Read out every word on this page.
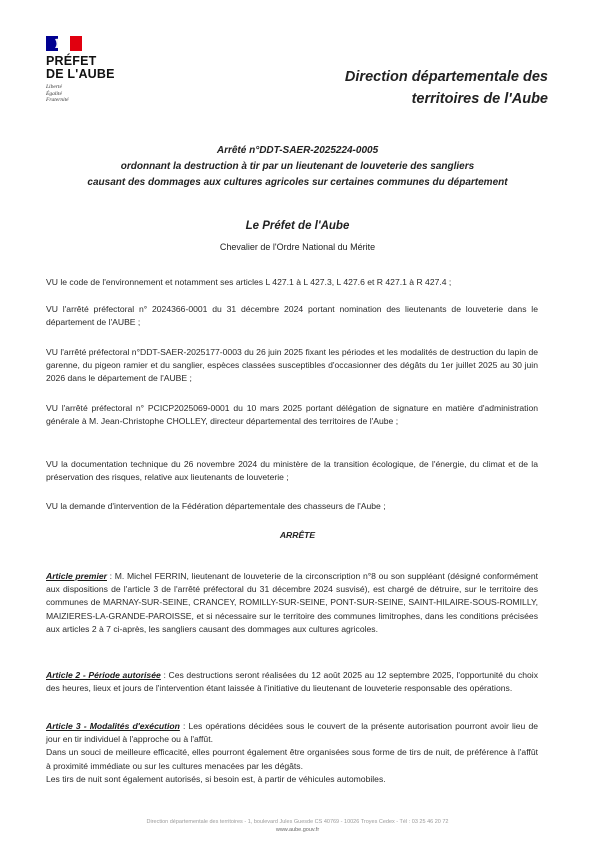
PRÉFET
DE L'AUBE
Liberté
Égalité
Fraternité
Direction départementale des
territoires de l'Aube
Arrêté n°DDT-SAER-2025224-0005
ordonnant la destruction à tir par un lieutenant de louveterie des sangliers
causant des dommages aux cultures agricoles sur certaines communes du département
Le Préfet de l'Aube
Chevalier de l'Ordre National du Mérite
VU le code de l'environnement et notamment ses articles L 427.1 à L 427.3, L 427.6 et R 427.1 à R 427.4 ;
VU l'arrêté préfectoral n° 2024366-0001 du 31 décembre 2024 portant nomination des lieutenants de louveterie dans le département de l'AUBE ;
VU l'arrêté préfectoral n°DDT-SAER-2025177-0003 du 26 juin 2025 fixant les périodes et les modalités de destruction du lapin de garenne, du pigeon ramier et du sanglier, espèces classées susceptibles d'occasionner des dégâts du 1er juillet 2025 au 30 juin 2026 dans le département de l'AUBE ;
VU l'arrêté préfectoral n° PCICP2025069-0001 du 10 mars 2025 portant délégation de signature en matière d'administration générale à M. Jean-Christophe CHOLLEY, directeur départemental des territoires de l'Aube ;
VU la documentation technique du 26 novembre 2024 du ministère de la transition écologique, de l'énergie, du climat et de la préservation des risques, relative aux lieutenants de louveterie ;
VU la demande d'intervention de la Fédération départementale des chasseurs de l'Aube ;
ARRÊTE
Article premier : M. Michel FERRIN, lieutenant de louveterie de la circonscription n°8 ou son suppléant (désigné conformément aux dispositions de l'article 3 de l'arrêté préfectoral du 31 décembre 2024 susvisé), est chargé de détruire, sur le territoire des communes de MARNAY-SUR-SEINE, CRANCEY, ROMILLY-SUR-SEINE, PONT-SUR-SEINE, SAINT-HILAIRE-SOUS-ROMILLY, MAIZIERES-LA-GRANDE-PAROISSE, et si nécessaire sur le territoire des communes limitrophes, dans les conditions précisées aux articles 2 à 7 ci-après, les sangliers causant des dommages aux cultures agricoles.
Article 2 - Période autorisée : Ces destructions seront réalisées du 12 août 2025 au 12 septembre 2025, l'opportunité du choix des heures, lieux et jours de l'intervention étant laissée à l'initiative du lieutenant de louveterie responsable des opérations.
Article 3 - Modalités d'exécution : Les opérations décidées sous le couvert de la présente autorisation pourront avoir lieu de jour en tir individuel à l'approche ou à l'affût.
Dans un souci de meilleure efficacité, elles pourront également être organisées sous forme de tirs de nuit, de préférence à l'affût à proximité immédiate ou sur les cultures menacées par les dégâts.
Les tirs de nuit sont également autorisés, si besoin est, à partir de véhicules automobiles.
Direction départementale des territoires - 1, boulevard Jules Guesde CS 40769 - 10026 Troyes Cedex - Tél : 03 25 46 20 72
www.aube.gouv.fr
